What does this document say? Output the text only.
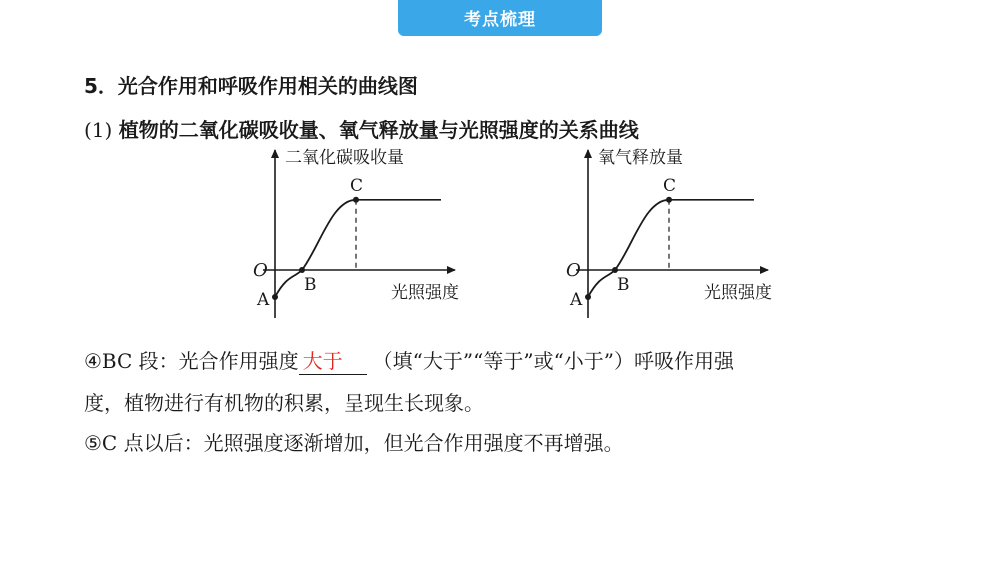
考点梳理
5．光合作用和呼吸作用相关的曲线图
(1) 植物的二氧化碳吸收量、氧气释放量与光照强度的关系曲线
A
B
C
O
二氧化碳吸收量
光照强度	A
B
C
O
氧气释放量
光照强度
④BC 段：光合作用强度 大于 （填“大于”“等于”或“小于”）呼吸作用强
度，植物进行有机物的积累，呈现生长现象。
⑤C 点以后：光照强度逐渐增加，但光合作用强度不再增强。
